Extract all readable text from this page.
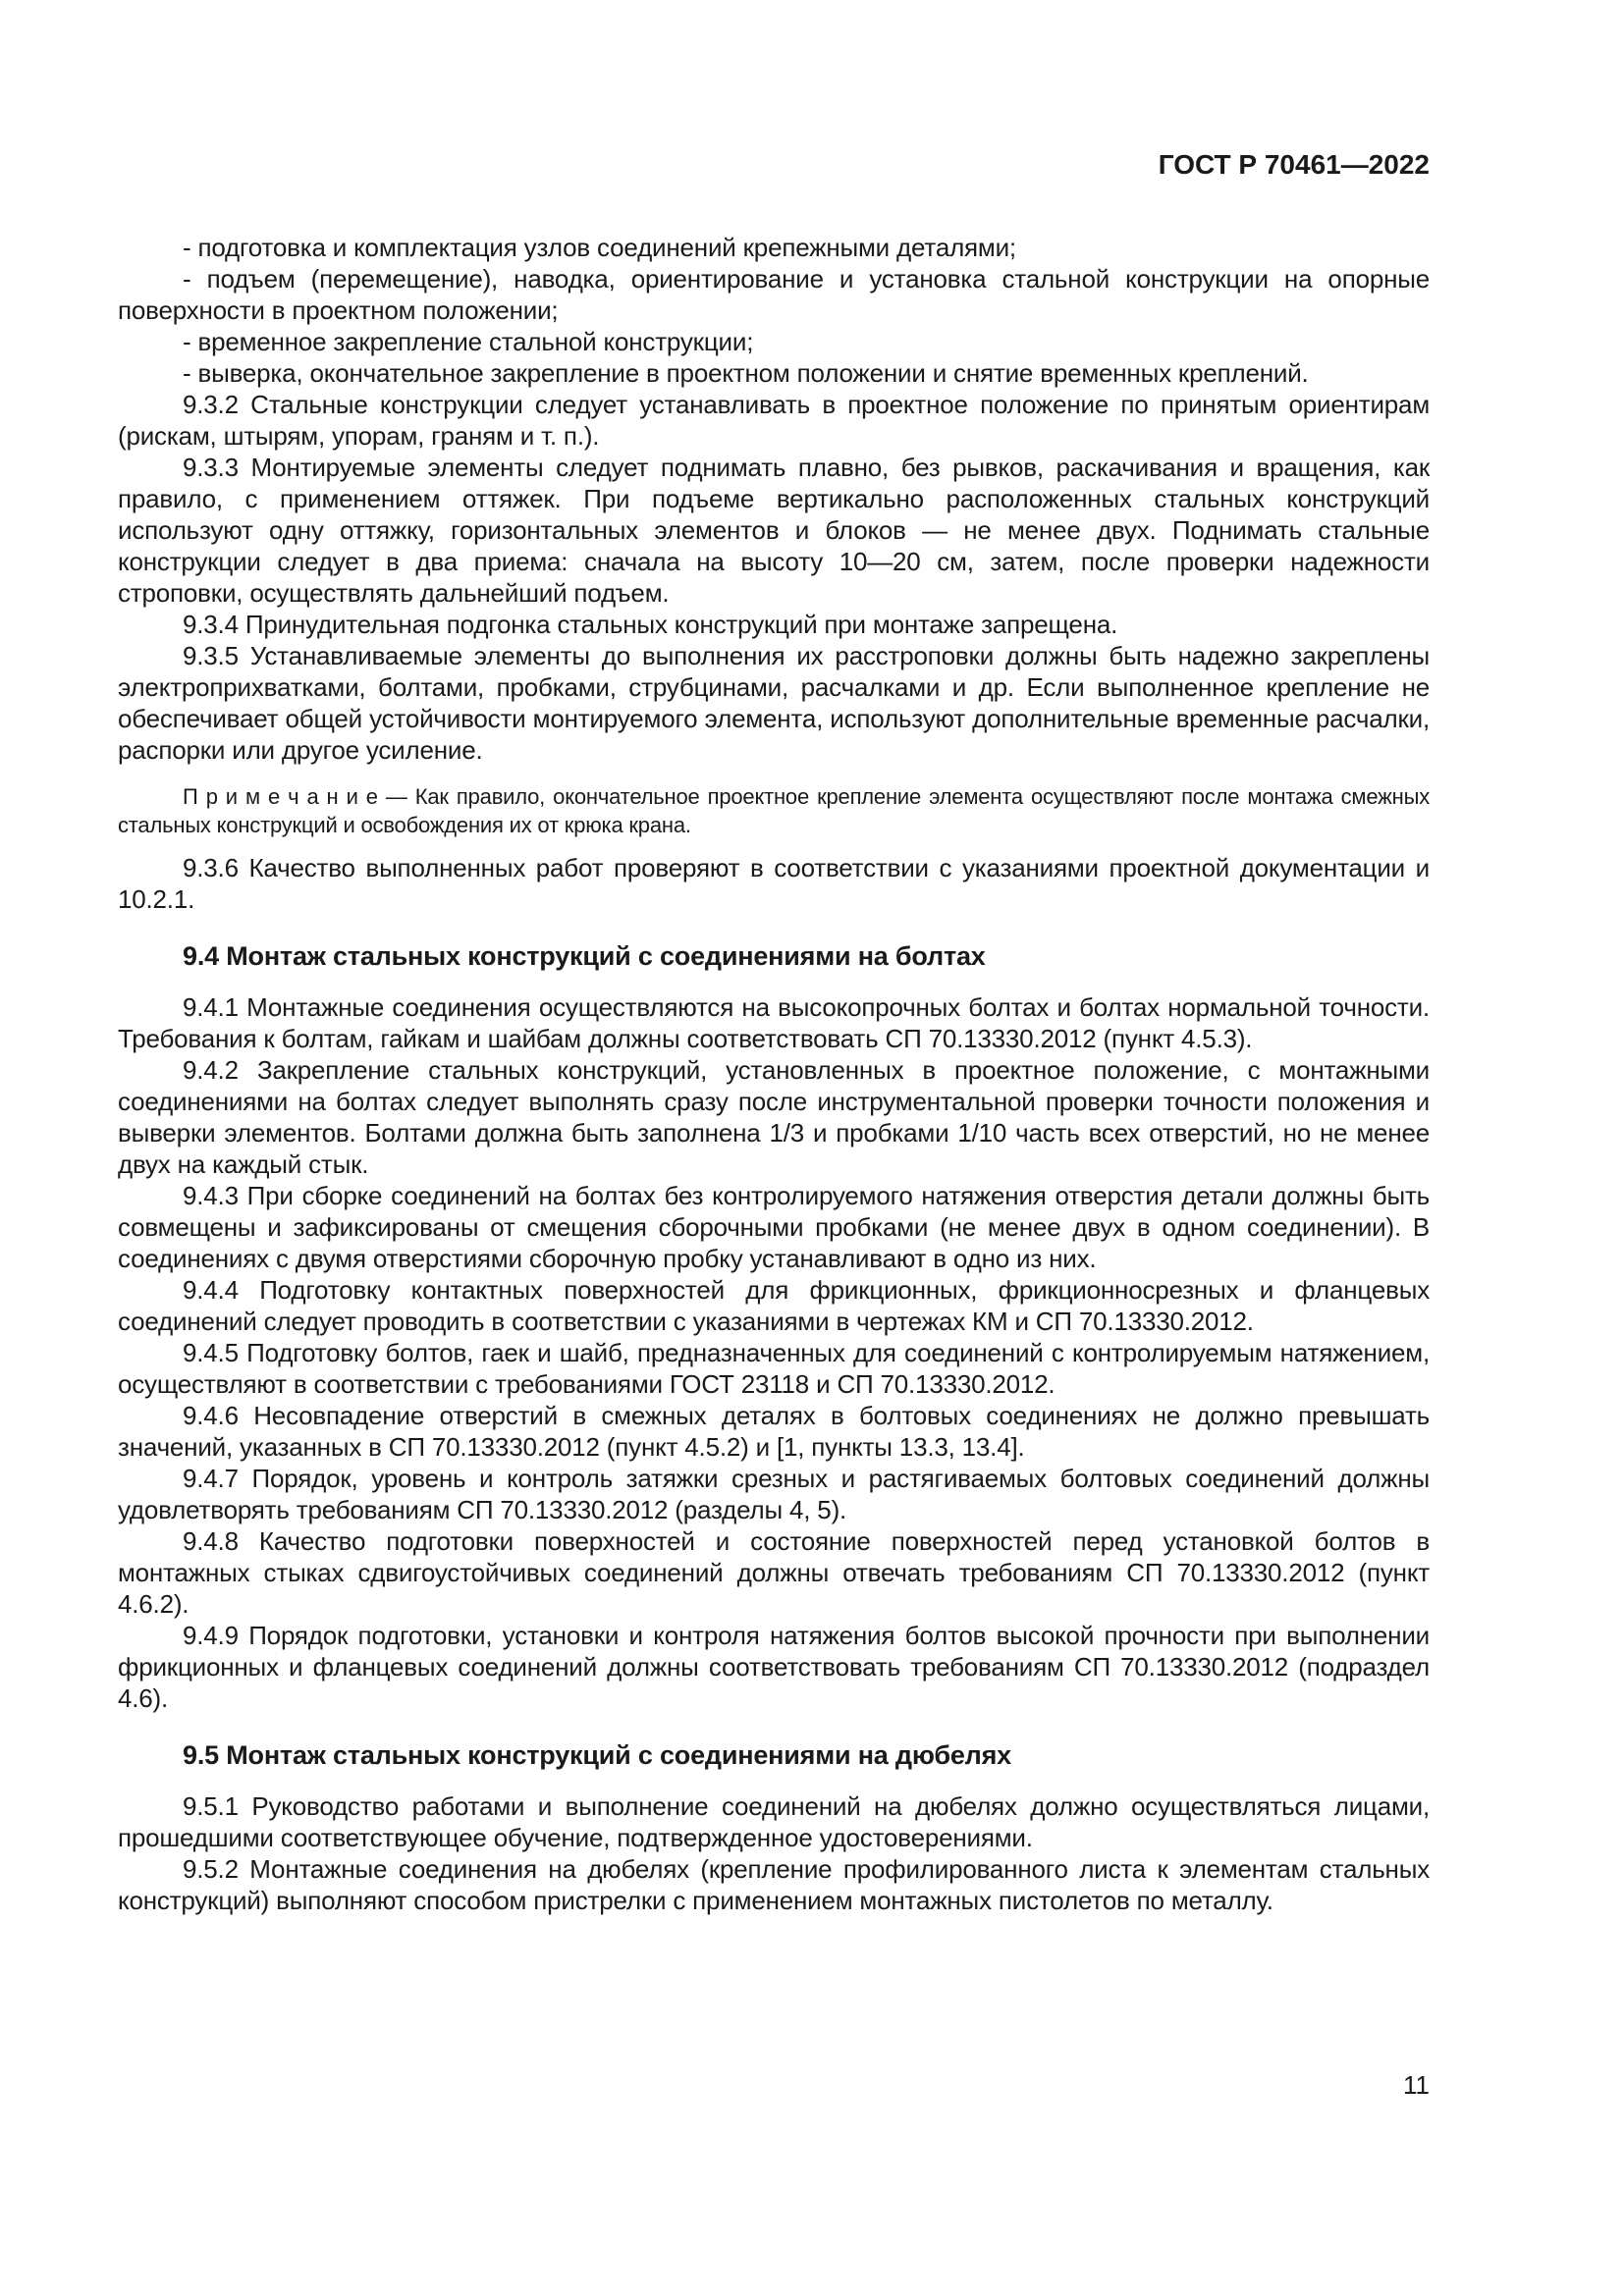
ГОСТ Р 70461—2022

- подготовка и комплектация узлов соединений крепежными деталями;

- подъем (перемещение), наводка, ориентирование и установка стальной конструкции на опорные поверхности в проектном положении;

- временное закрепление стальной конструкции;

- выверка, окончательное закрепление в проектном положении и снятие временных креплений.

9.3.2 Стальные конструкции следует устанавливать в проектное положение по принятым ориентирам (рискам, штырям, упорам, граням и т. п.).

9.3.3 Монтируемые элементы следует поднимать плавно, без рывков, раскачивания и вращения, как правило, с применением оттяжек. При подъеме вертикально расположенных стальных конструкций используют одну оттяжку, горизонтальных элементов и блоков — не менее двух. Поднимать стальные конструкции следует в два приема: сначала на высоту 10—20 см, затем, после проверки надежности строповки, осуществлять дальнейший подъем.

9.3.4 Принудительная подгонка стальных конструкций при монтаже запрещена.

9.3.5 Устанавливаемые элементы до выполнения их расстроповки должны быть надежно закреплены электроприхватками, болтами, пробками, струбцинами, расчалками и др. Если выполненное крепление не обеспечивает общей устойчивости монтируемого элемента, используют дополнительные временные расчалки, распорки или другое усиление.

П р и м е ч а н и е — Как правило, окончательное проектное крепление элемента осуществляют после монтажа смежных стальных конструкций и освобождения их от крюка крана.

9.3.6 Качество выполненных работ проверяют в соответствии с указаниями проектной документации и 10.2.1.

9.4 Монтаж стальных конструкций с соединениями на болтах

9.4.1 Монтажные соединения осуществляются на высокопрочных болтах и болтах нормальной точности. Требования к болтам, гайкам и шайбам должны соответствовать СП 70.13330.2012 (пункт 4.5.3).

9.4.2 Закрепление стальных конструкций, установленных в проектное положение, с монтажными соединениями на болтах следует выполнять сразу после инструментальной проверки точности положения и выверки элементов. Болтами должна быть заполнена 1/3 и пробками 1/10 часть всех отверстий, но не менее двух на каждый стык.

9.4.3 При сборке соединений на болтах без контролируемого натяжения отверстия детали должны быть совмещены и зафиксированы от смещения сборочными пробками (не менее двух в одном соединении). В соединениях с двумя отверстиями сборочную пробку устанавливают в одно из них.

9.4.4 Подготовку контактных поверхностей для фрикционных, фрикционносрезных и фланцевых соединений следует проводить в соответствии с указаниями в чертежах КМ и СП 70.13330.2012.

9.4.5 Подготовку болтов, гаек и шайб, предназначенных для соединений с контролируемым натяжением, осуществляют в соответствии с требованиями ГОСТ 23118 и СП 70.13330.2012.

9.4.6 Несовпадение отверстий в смежных деталях в болтовых соединениях не должно превышать значений, указанных в СП 70.13330.2012 (пункт 4.5.2) и [1, пункты 13.3, 13.4].

9.4.7 Порядок, уровень и контроль затяжки срезных и растягиваемых болтовых соединений должны удовлетворять требованиям СП 70.13330.2012 (разделы 4, 5).

9.4.8 Качество подготовки поверхностей и состояние поверхностей перед установкой болтов в монтажных стыках сдвигоустойчивых соединений должны отвечать требованиям СП 70.13330.2012 (пункт 4.6.2).

9.4.9 Порядок подготовки, установки и контроля натяжения болтов высокой прочности при выполнении фрикционных и фланцевых соединений должны соответствовать требованиям СП 70.13330.2012 (подраздел 4.6).

9.5 Монтаж стальных конструкций с соединениями на дюбелях

9.5.1 Руководство работами и выполнение соединений на дюбелях должно осуществляться лицами, прошедшими соответствующее обучение, подтвержденное удостоверениями.

9.5.2 Монтажные соединения на дюбелях (крепление профилированного листа к элементам стальных конструкций) выполняют способом пристрелки с применением монтажных пистолетов по металлу.

11
